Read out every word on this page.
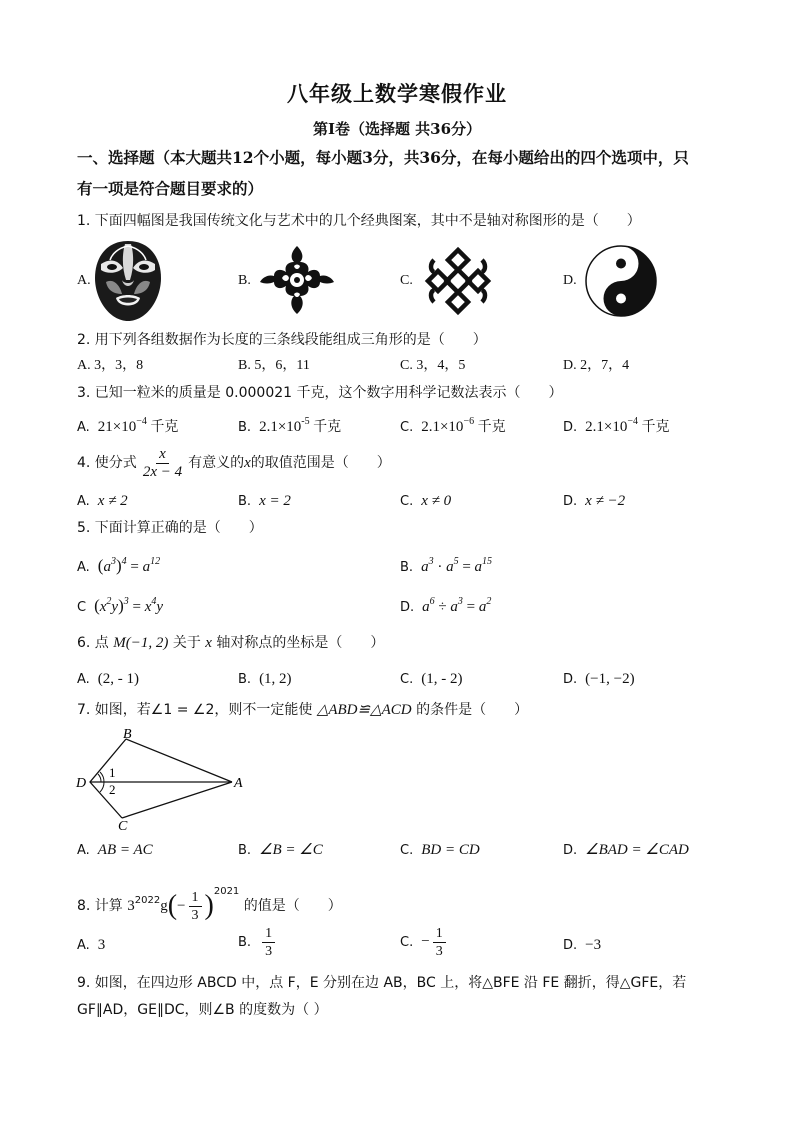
八年级上数学寒假作业
第Ⅰ卷（选择题 共36分）
一、选择题（本大题共12个小题，每小题3分，共36分，在每小题给出的四个选项中，只
有一项是符合题目要求的）
1. 下面四幅图是我国传统文化与艺术中的几个经典图案，其中不是轴对称图形的是（　　）
A.	B.	C.	D.
2. 用下列各组数据作为长度的三条线段能组成三角形的是（　　）
A. 3，3，8	B. 5，6，11	C. 3，4，5	D. 2，7，4
3. 已知一粒米的质量是 0.000021 千克，这个数字用科学记数法表示（　　）
A. $21\times 10^{-4}$ 千克	B. $2.1\times 10^{-5}$ 千克	C. $2.1\times 10^{-6}$ 千克	D. $2.1\times 10^{-4}$ 千克
4. 使分式 $\frac{x}{2x - 4}$ 有意义的x的取值范围是（　　）
A. x ≠ 2	B. x = 2	C. x ≠ 0	D. x ≠ −2
5. 下面计算正确的是（　　）
A. $(a^3)^4 = a^{12}$	B. $a^3 \cdot a^5 = a^{15}$
C $(x^2y)^3 = x^4y$	D. $a^6 \div a^3 = a^2$
6. 点 M(−1, 2) 关于 x 轴对称点的坐标是（　　）
A. (2, - 1)	B. (1, 2)	C. (1, - 2)	D. (−1, −2)
7. 如图，若∠1 = ∠2，则不一定能使 △ABD≌△ACD 的条件是（　　）
B
D	A
C
1
2
A. AB = AC	B. ∠B = ∠C	C. BD = CD	D. ∠BAD = ∠CAD
8. 计算 $3^{2022}g(- \frac{1}{3} )^{2021}$ 的值是（　　）
A. 3	B. $\frac{1}{3}$	C. − $\frac{1}{3}$	D. −3
9. 如图，在四边形 ABCD 中，点 F，E 分别在边 AB，BC 上，将△BFE 沿 FE 翻折，得△GFE，若
GF∥AD，GE∥DC，则∠B 的度数为（ ）
